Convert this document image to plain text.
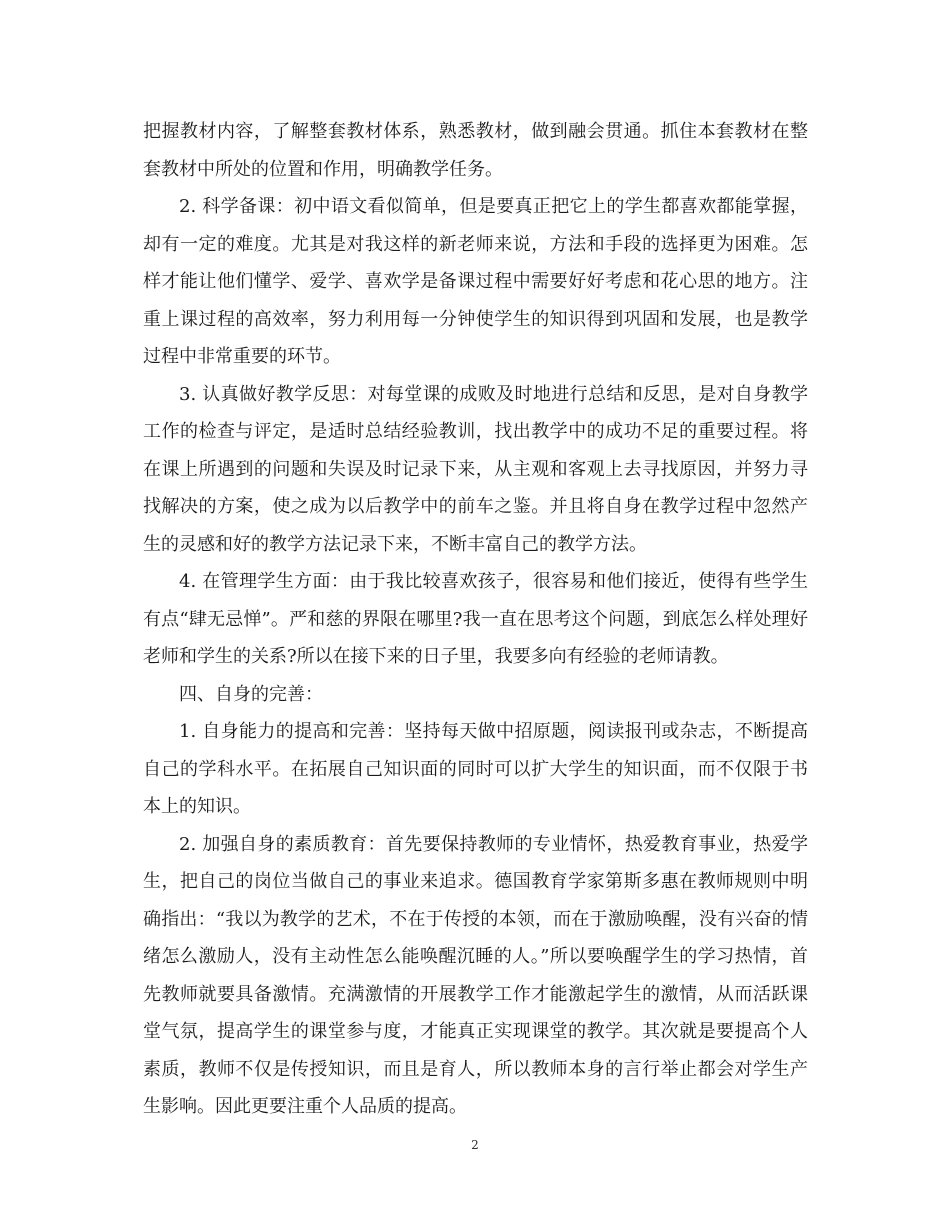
把握教材内容，了解整套教材体系，熟悉教材，做到融会贯通。抓住本套教材在整套教材中所处的位置和作用，明确教学任务。

2. 科学备课：初中语文看似简单，但是要真正把它上的学生都喜欢都能掌握，却有一定的难度。尤其是对我这样的新老师来说，方法和手段的选择更为困难。怎样才能让他们懂学、爱学、喜欢学是备课过程中需要好好考虑和花心思的地方。注重上课过程的高效率，努力利用每一分钟使学生的知识得到巩固和发展，也是教学过程中非常重要的环节。

3. 认真做好教学反思：对每堂课的成败及时地进行总结和反思，是对自身教学工作的检查与评定，是适时总结经验教训，找出教学中的成功不足的重要过程。将在课上所遇到的问题和失误及时记录下来，从主观和客观上去寻找原因，并努力寻找解决的方案，使之成为以后教学中的前车之鉴。并且将自身在教学过程中忽然产生的灵感和好的教学方法记录下来，不断丰富自己的教学方法。

4. 在管理学生方面：由于我比较喜欢孩子，很容易和他们接近，使得有些学生有点“肆无忌惮”。严和慈的界限在哪里?我一直在思考这个问题，到底怎么样处理好老师和学生的关系?所以在接下来的日子里，我要多向有经验的老师请教。

四、自身的完善：

1. 自身能力的提高和完善：坚持每天做中招原题，阅读报刊或杂志，不断提高自己的学科水平。在拓展自己知识面的同时可以扩大学生的知识面，而不仅限于书本上的知识。

2. 加强自身的素质教育：首先要保持教师的专业情怀，热爱教育事业，热爱学生，把自己的岗位当做自己的事业来追求。德国教育学家第斯多惠在教师规则中明确指出：“我以为教学的艺术，不在于传授的本领，而在于激励唤醒，没有兴奋的情绪怎么激励人，没有主动性怎么能唤醒沉睡的人。”所以要唤醒学生的学习热情，首先教师就要具备激情。充满激情的开展教学工作才能激起学生的激情，从而活跃课堂气氛，提高学生的课堂参与度，才能真正实现课堂的教学。其次就是要提高个人素质，教师不仅是传授知识，而且是育人，所以教师本身的言行举止都会对学生产生影响。因此更要注重个人品质的提高。

2
